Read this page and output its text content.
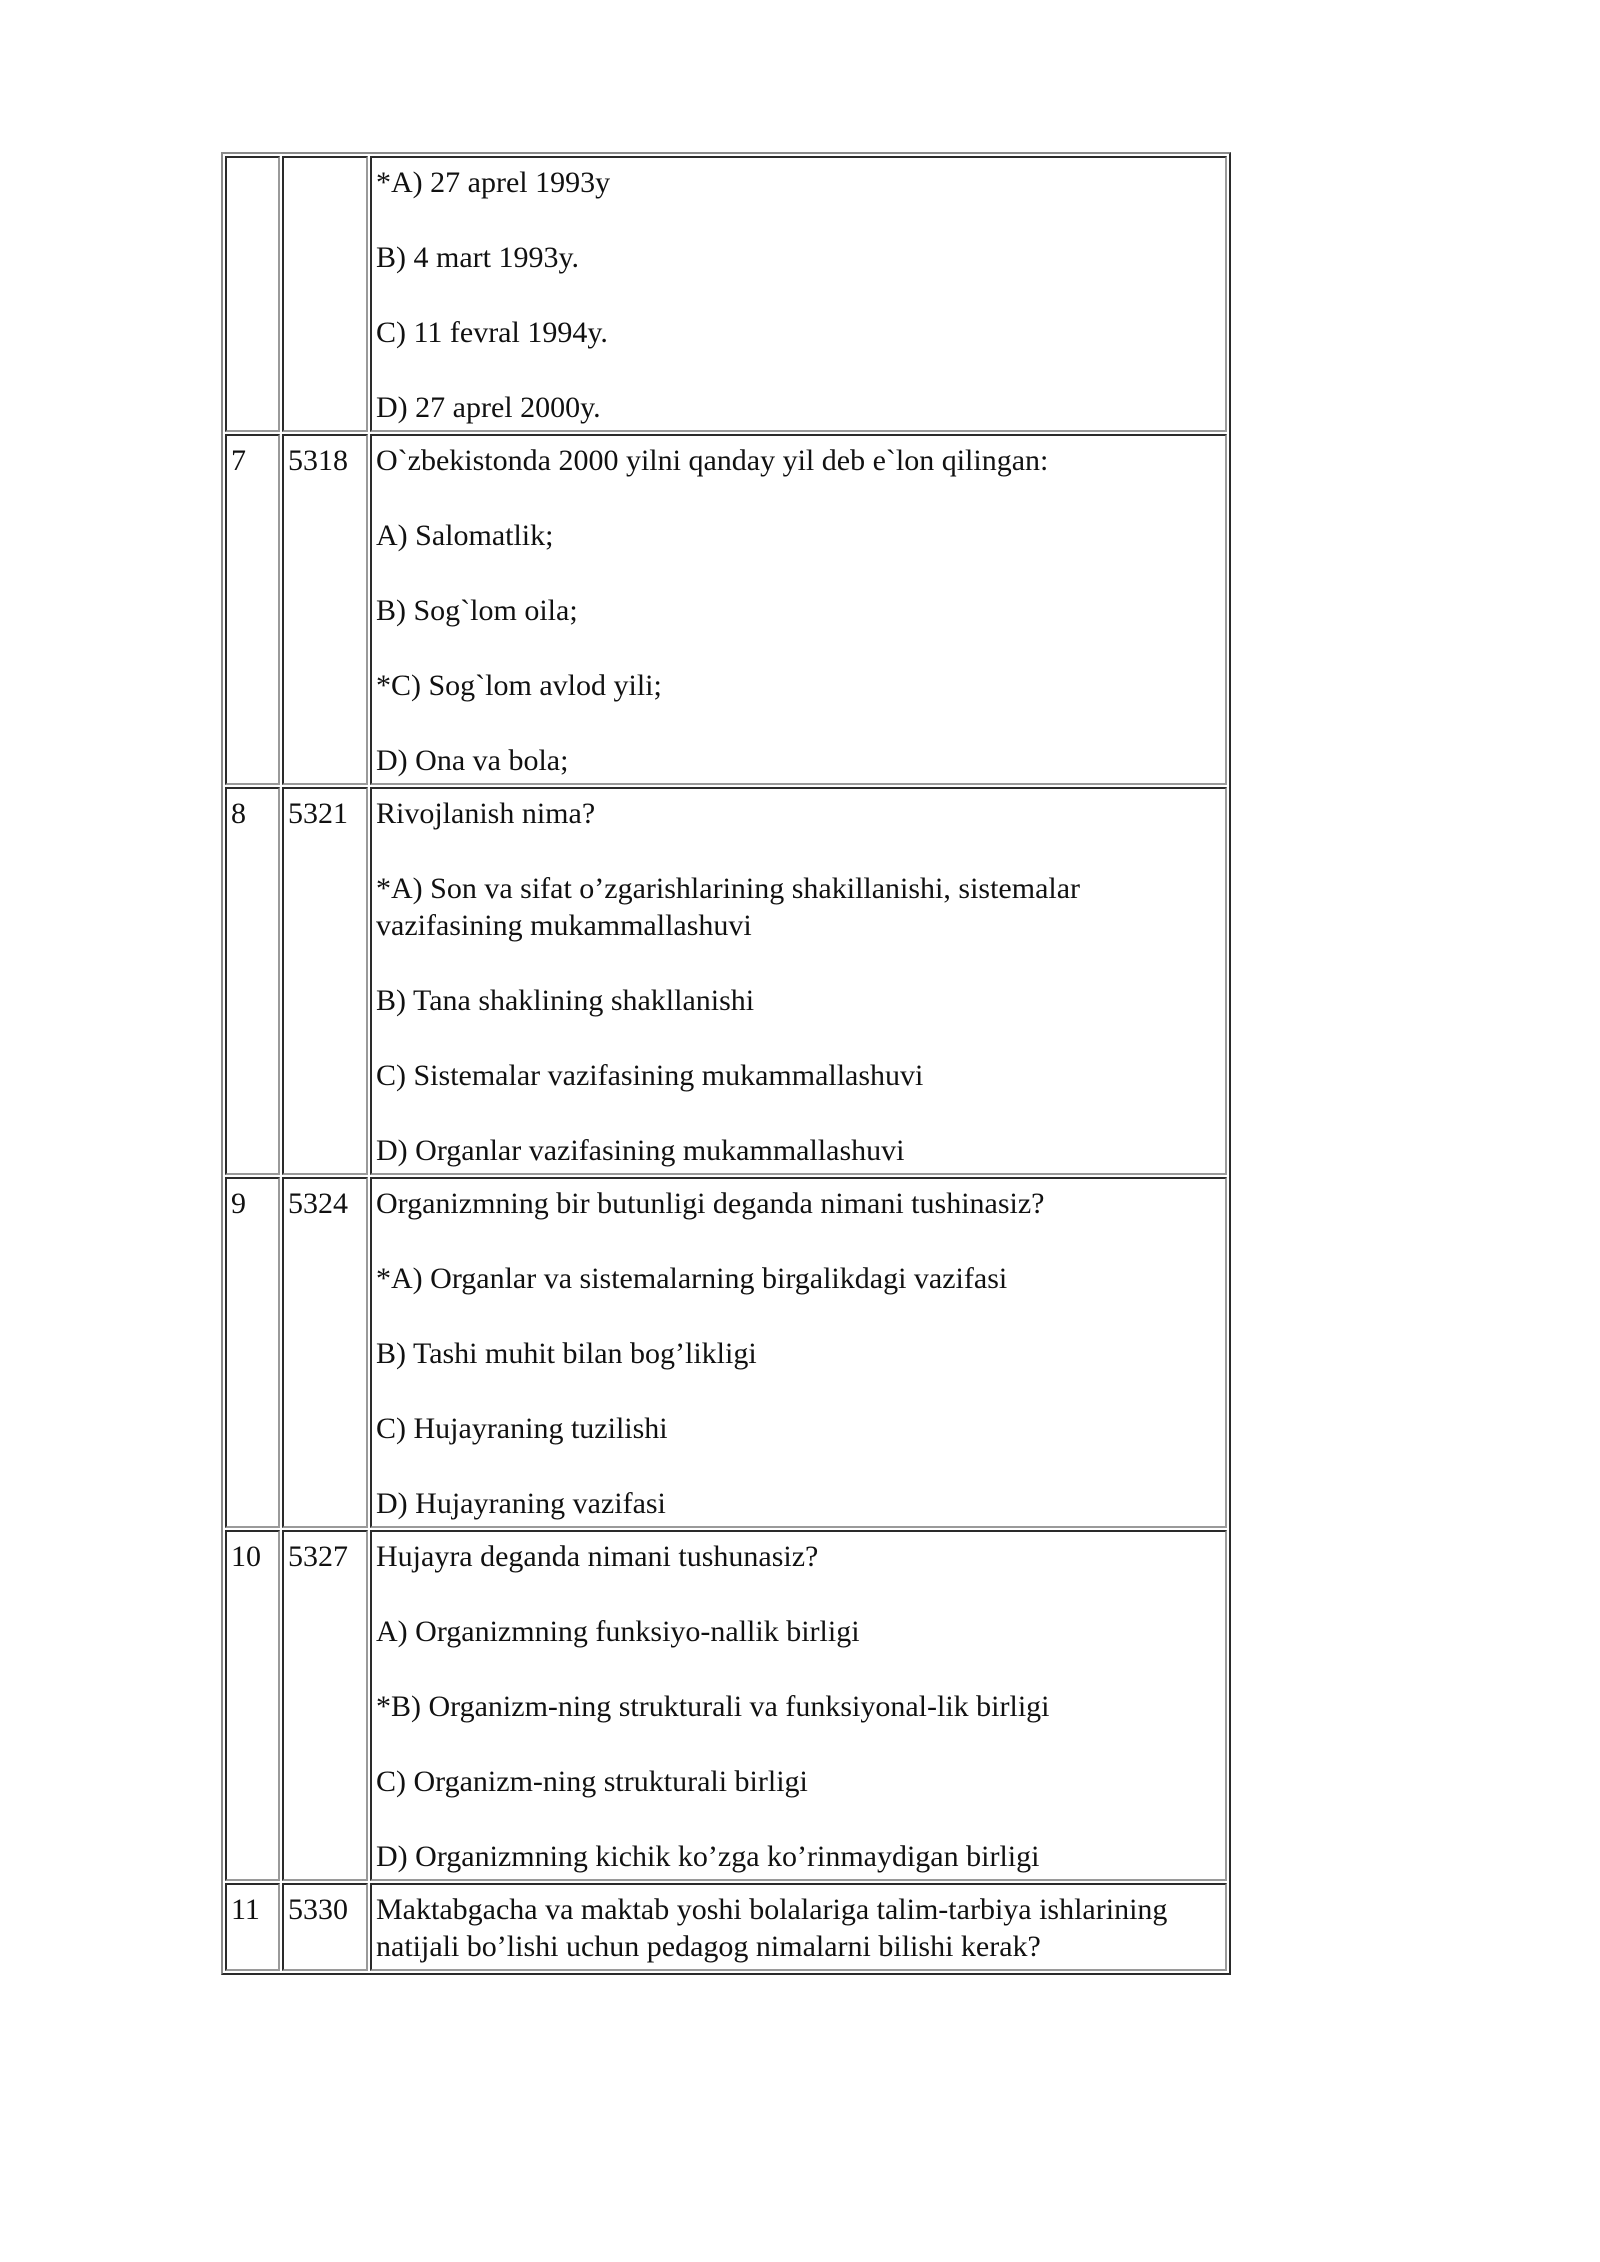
		*A) 27 aprel 1993y

B) 4 mart 1993y.

C) 11 fevral 1994y.

D) 27 aprel 2000y.

7	5318	O`zbekistonda 2000 yilni qanday yil deb e`lon qilingan:

A) Salomatlik;

B) Sog`lom oila;

*C) Sog`lom avlod yili;

D) Ona va bola;

8	5321	Rivojlanish nima?

*A) Son va sifat o’zgarishlarining shakillanishi, sistemalar vazifasining mukammallashuvi

B) Tana shaklining shakllanishi

C) Sistemalar vazifasining mukammallashuvi

D) Organlar vazifasining mukammallashuvi

9	5324	Organizmning bir butunligi deganda nimani tushinasiz?

*A) Organlar va sistemalarning birgalikdagi vazifasi

B) Tashi muhit bilan bog’likligi

C) Hujayraning tuzilishi

D) Hujayraning vazifasi

10	5327	Hujayra deganda nimani tushunasiz?

A) Organizmning funksiyo-nallik birligi

*B) Organizm-ning strukturali va funksiyonal-lik birligi

C) Organizm-ning strukturali birligi

D) Organizmning kichik ko’zga ko’rinmaydigan birligi

11	5330	Maktabgacha va maktab yoshi bolalariga talim-tarbiya ishlarining natijali bo’lishi uchun pedagog nimalarni bilishi kerak?
